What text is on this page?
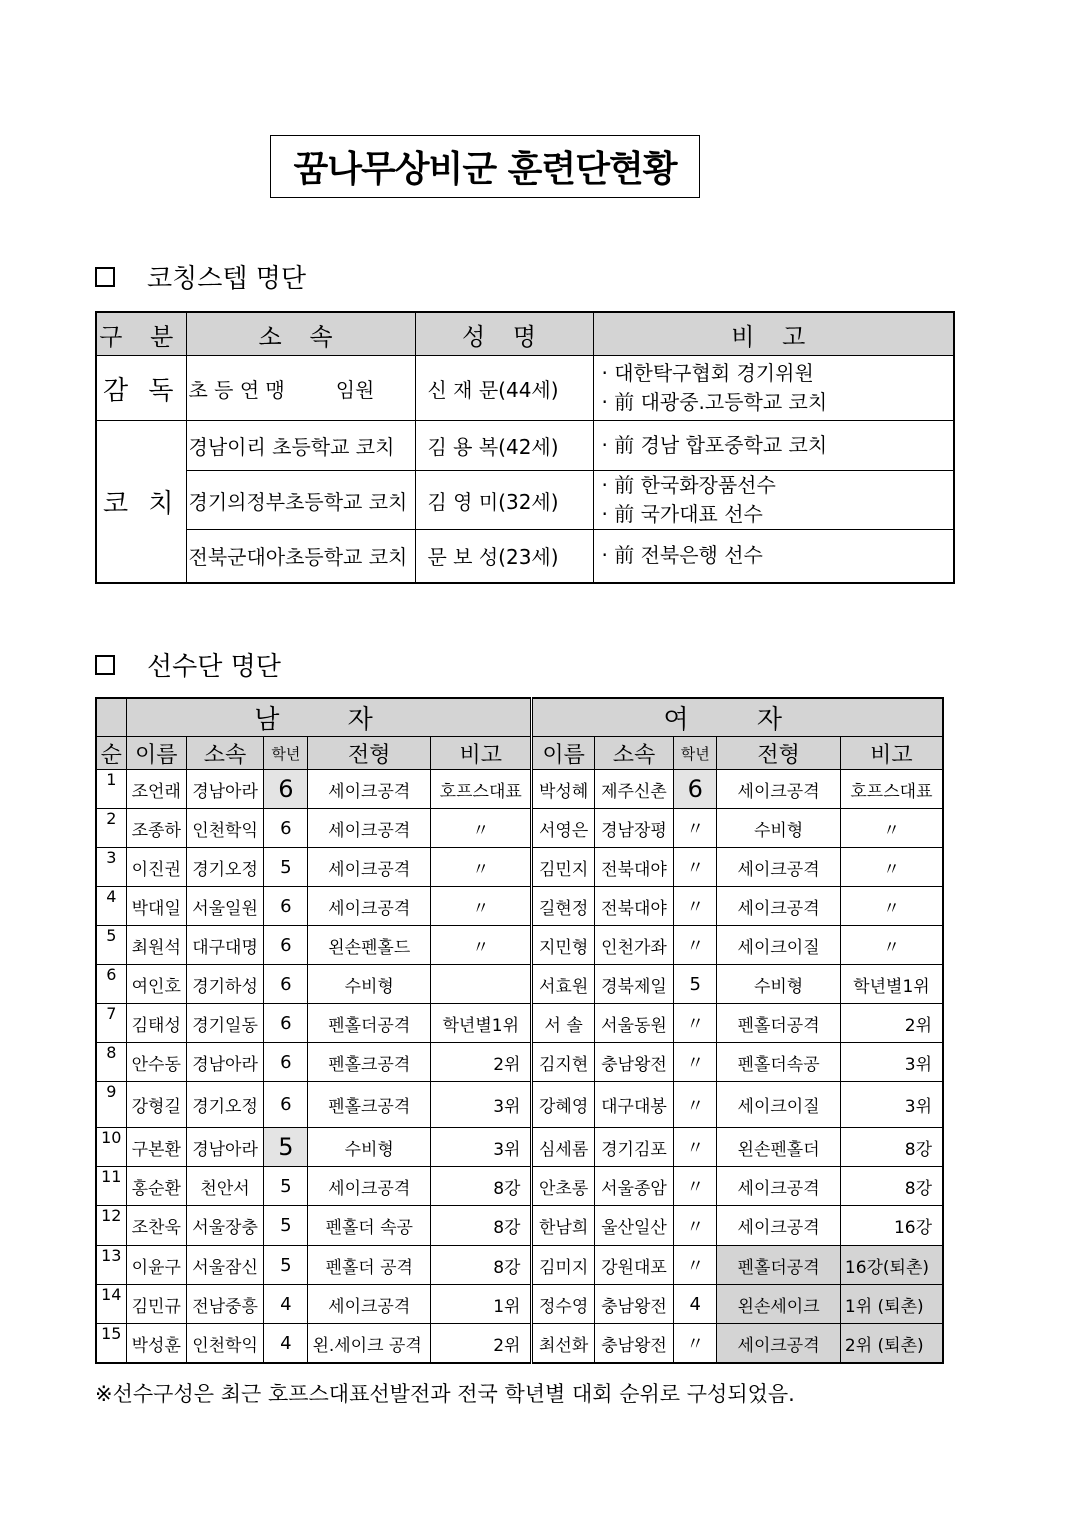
꿈나무상비군 훈련단현황
코칭스텝 명단
구 분	소 속	성 명	비 고
감 독	초 등 연 맹        임원	신 재 문(44세)	· 대한탁구협회 경기위원
· 前 대광중.고등학교 코치

코 치	경남이리 초등학교 코치	김 용 복(42세)	· 前 경남 합포중학교 코치

	경기의정부초등학교 코치	김 영 미(32세)	· 前 한국화장품선수
· 前 국가대표 선수

	전북군대아초등학교 코치	문 보 성(23세)	· 前 전북은행 선수
선수단 명단
	남 자					여 자				
순	이름	소속	학년	전형	비고	이름	소속	학년	전형	비고
1	조언래	경남아라	6	세이크공격	호프스대표	박성혜	제주신촌	6	세이크공격	호프스대표
2	조종하	인천학익	6	세이크공격	〃	서영은	경남장평	〃	수비형	〃
3	이진권	경기오정	5	세이크공격	〃	김민지	전북대야	〃	세이크공격	〃
4	박대일	서울일원	6	세이크공격	〃	길현정	전북대야	〃	세이크공격	〃
5	최원석	대구대명	6	왼손펜홀드	〃	지민형	인천가좌	〃	세이크이질	〃
6	여인호	경기하성	6	수비형		서효원	경북제일	5	수비형	학년별1위
7	김태성	경기일동	6	펜홀더공격	학년별1위	서 솔	서울동원	〃	펜홀더공격	2위
8	안수동	경남아라	6	펜홀크공격	2위	김지현	충남왕전	〃	펜홀더속공	3위
9	강형길	경기오정	6	펜홀크공격	3위	강혜영	대구대봉	〃	세이크이질	3위
10	구본환	경남아라	5	수비형	3위	심세롬	경기김포	〃	왼손펜홀더	8강
11	홍순환	천안서	5	세이크공격	8강	안초롱	서울종암	〃	세이크공격	8강
12	조찬욱	서울장충	5	펜홀더 속공	8강	한남희	울산일산	〃	세이크공격	16강
13	이윤구	서울잠신	5	펜홀더 공격	8강	김미지	강원대포	〃	펜홀더공격	16강(퇴촌)
14	김민규	전남중흥	4	세이크공격	1위	정수영	충남왕전	4	왼손세이크	1위 (퇴촌)
15	박성훈	인천학익	4	왼.세이크 공격	2위	최선화	충남왕전	〃	세이크공격	2위 (퇴촌)
※선수구성은 최근 호프스대표선발전과 전국 학년별 대회 순위로 구성되었음.
